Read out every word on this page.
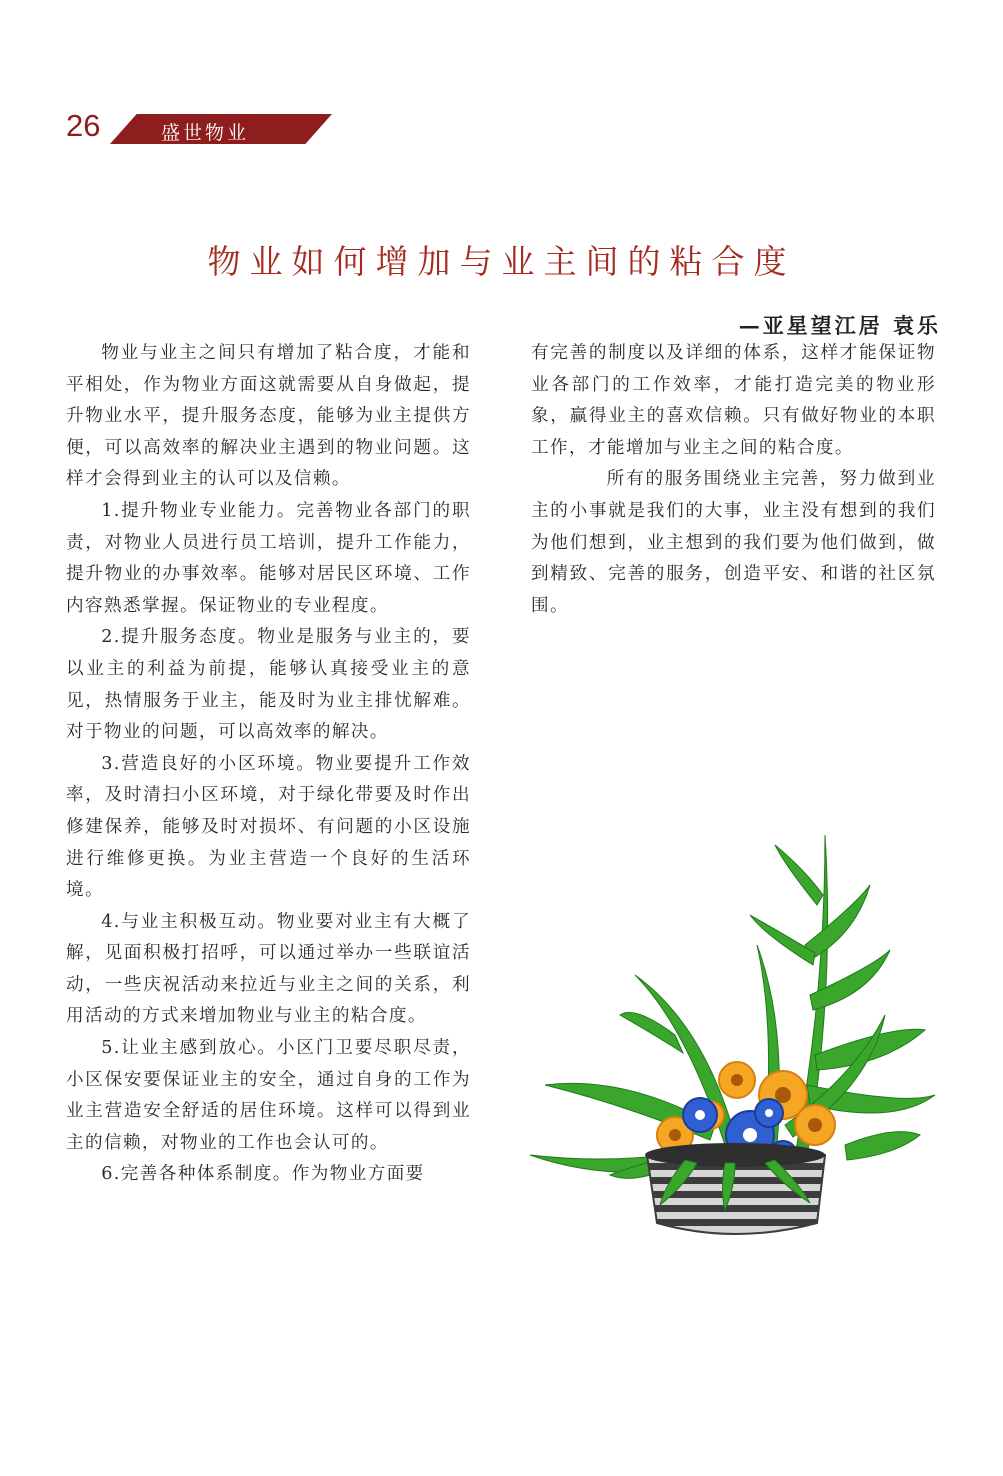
26	盛世物业
物业如何增加与业主间的粘合度
—亚星望江居 袁乐

物业与业主之间只有增加了粘合度，才能和平相处，作为物业方面这就需要从自身做起，提升物业水平，提升服务态度，能够为业主提供方便，可以高效率的解决业主遇到的物业问题。这样才会得到业主的认可以及信赖。

1.提升物业专业能力。完善物业各部门的职责，对物业人员进行员工培训，提升工作能力，提升物业的办事效率。能够对居民区环境、工作内容熟悉掌握。保证物业的专业程度。

2.提升服务态度。物业是服务与业主的，要以业主的利益为前提，能够认真接受业主的意见，热情服务于业主，能及时为业主排忧解难。对于物业的问题，可以高效率的解决。

3.营造良好的小区环境。物业要提升工作效率，及时清扫小区环境，对于绿化带要及时作出修建保养，能够及时对损坏、有问题的小区设施进行维修更换。为业主营造一个良好的生活环境。

4.与业主积极互动。物业要对业主有大概了解，见面积极打招呼，可以通过举办一些联谊活动，一些庆祝活动来拉近与业主之间的关系，利用活动的方式来增加物业与业主的粘合度。

5.让业主感到放心。小区门卫要尽职尽责，小区保安要保证业主的安全，通过自身的工作为业主营造安全舒适的居住环境。这样可以得到业主的信赖，对物业的工作也会认可的。

6.完善各种体系制度。作为物业方面要

有完善的制度以及详细的体系，这样才能保证物业各部门的工作效率，才能打造完美的物业形象，赢得业主的喜欢信赖。只有做好物业的本职工作，才能增加与业主之间的粘合度。

所有的服务围绕业主完善，努力做到业主的小事就是我们的大事，业主没有想到的我们为他们想到，业主想到的我们要为他们做到，做到精致、完善的服务，创造平安、和谐的社区氛围。
